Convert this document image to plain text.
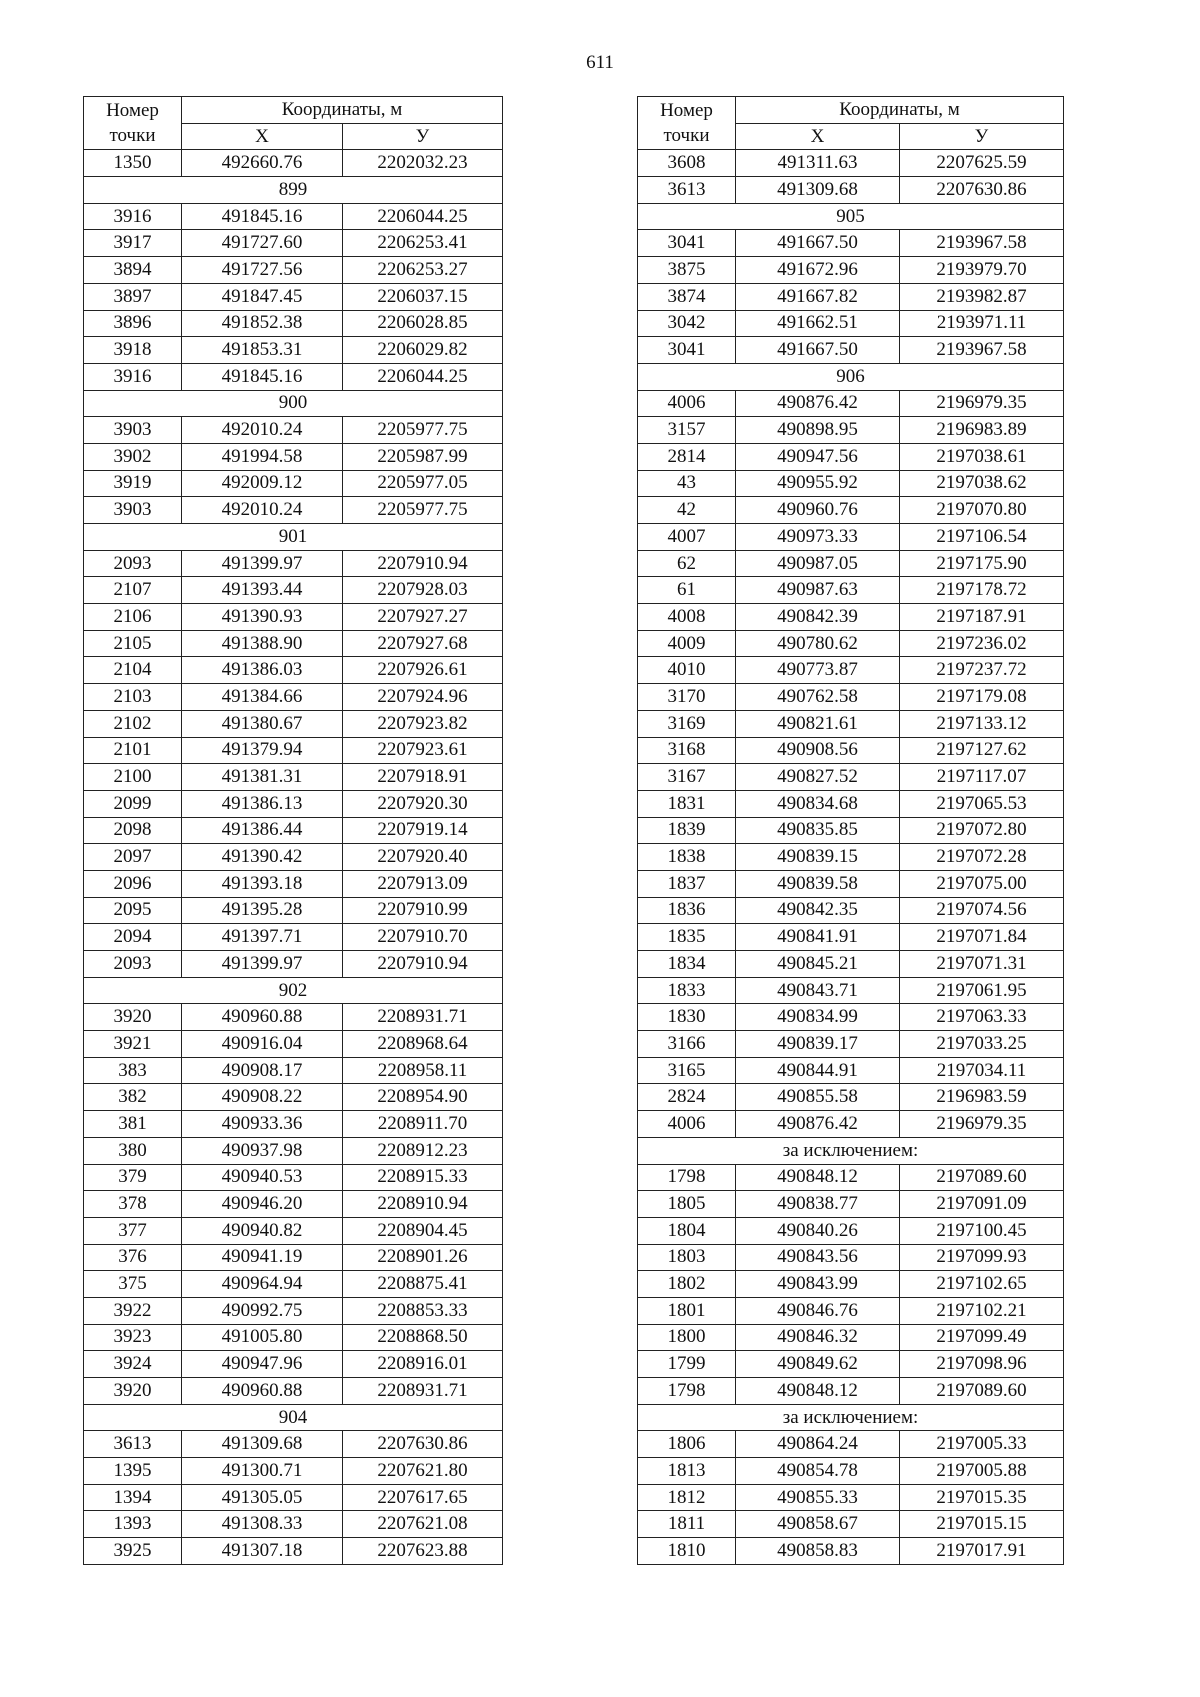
611
Номер
точки	Координаты, м	
	X	У
1350	492660.76	2202032.23
899		
3916	491845.16	2206044.25
3917	491727.60	2206253.41
3894	491727.56	2206253.27
3897	491847.45	2206037.15
3896	491852.38	2206028.85
3918	491853.31	2206029.82
3916	491845.16	2206044.25
900		
3903	492010.24	2205977.75
3902	491994.58	2205987.99
3919	492009.12	2205977.05
3903	492010.24	2205977.75
901		
2093	491399.97	2207910.94
2107	491393.44	2207928.03
2106	491390.93	2207927.27
2105	491388.90	2207927.68
2104	491386.03	2207926.61
2103	491384.66	2207924.96
2102	491380.67	2207923.82
2101	491379.94	2207923.61
2100	491381.31	2207918.91
2099	491386.13	2207920.30
2098	491386.44	2207919.14
2097	491390.42	2207920.40
2096	491393.18	2207913.09
2095	491395.28	2207910.99
2094	491397.71	2207910.70
2093	491399.97	2207910.94
902		
3920	490960.88	2208931.71
3921	490916.04	2208968.64
383	490908.17	2208958.11
382	490908.22	2208954.90
381	490933.36	2208911.70
380	490937.98	2208912.23
379	490940.53	2208915.33
378	490946.20	2208910.94
377	490940.82	2208904.45
376	490941.19	2208901.26
375	490964.94	2208875.41
3922	490992.75	2208853.33
3923	491005.80	2208868.50
3924	490947.96	2208916.01
3920	490960.88	2208931.71
904		
3613	491309.68	2207630.86
1395	491300.71	2207621.80
1394	491305.05	2207617.65
1393	491308.33	2207621.08
3925	491307.18	2207623.88
Номер
точки	Координаты, м	
	X	У
3608	491311.63	2207625.59
3613	491309.68	2207630.86
905		
3041	491667.50	2193967.58
3875	491672.96	2193979.70
3874	491667.82	2193982.87
3042	491662.51	2193971.11
3041	491667.50	2193967.58
906		
4006	490876.42	2196979.35
3157	490898.95	2196983.89
2814	490947.56	2197038.61
43	490955.92	2197038.62
42	490960.76	2197070.80
4007	490973.33	2197106.54
62	490987.05	2197175.90
61	490987.63	2197178.72
4008	490842.39	2197187.91
4009	490780.62	2197236.02
4010	490773.87	2197237.72
3170	490762.58	2197179.08
3169	490821.61	2197133.12
3168	490908.56	2197127.62
3167	490827.52	2197117.07
1831	490834.68	2197065.53
1839	490835.85	2197072.80
1838	490839.15	2197072.28
1837	490839.58	2197075.00
1836	490842.35	2197074.56
1835	490841.91	2197071.84
1834	490845.21	2197071.31
1833	490843.71	2197061.95
1830	490834.99	2197063.33
3166	490839.17	2197033.25
3165	490844.91	2197034.11
2824	490855.58	2196983.59
4006	490876.42	2196979.35
за исключением:		
1798	490848.12	2197089.60
1805	490838.77	2197091.09
1804	490840.26	2197100.45
1803	490843.56	2197099.93
1802	490843.99	2197102.65
1801	490846.76	2197102.21
1800	490846.32	2197099.49
1799	490849.62	2197098.96
1798	490848.12	2197089.60
за исключением:		
1806	490864.24	2197005.33
1813	490854.78	2197005.88
1812	490855.33	2197015.35
1811	490858.67	2197015.15
1810	490858.83	2197017.91
